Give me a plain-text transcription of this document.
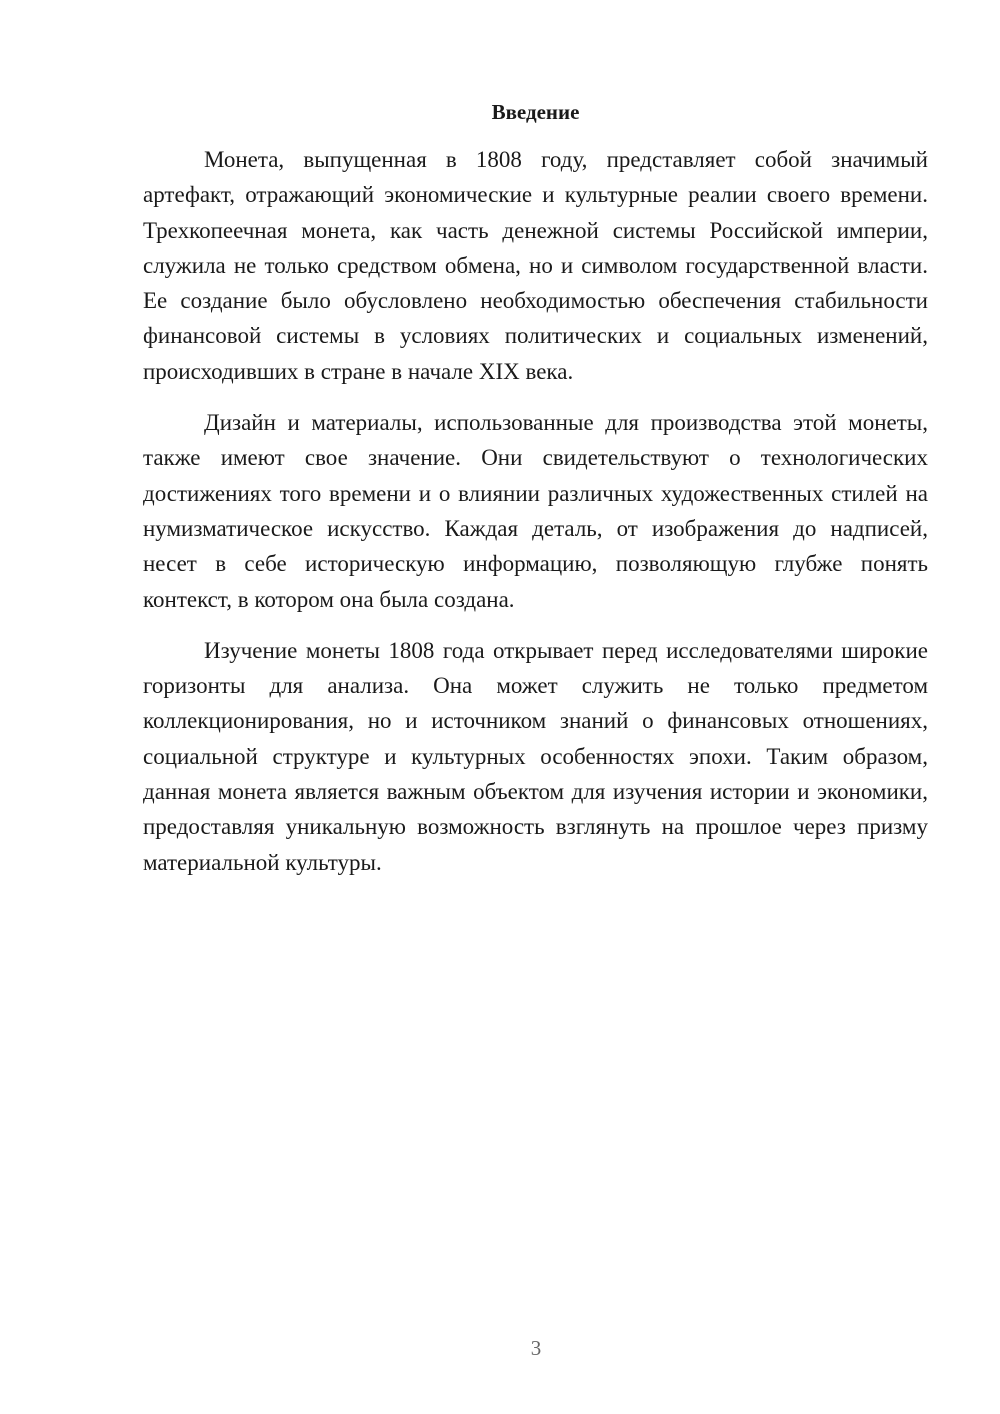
Введение

Монета, выпущенная в 1808 году, представляет собой значимый артефакт, отражающий экономические и культурные реалии своего времени. Трехкопеечная монета, как часть денежной системы Российской империи, служила не только средством обмена, но и символом государственной власти. Ее создание было обусловлено необходимостью обеспечения стабильности финансовой системы в условиях политических и социальных изменений, происходивших в стране в начале XIX века.

Дизайн и материалы, использованные для производства этой монеты, также имеют свое значение. Они свидетельствуют о технологических достижениях того времени и о влиянии различных художественных стилей на нумизматическое искусство. Каждая деталь, от изображения до надписей, несет в себе историческую информацию, позволяющую глубже понять контекст, в котором она была создана.

Изучение монеты 1808 года открывает перед исследователями широкие горизонты для анализа. Она может служить не только предметом коллекционирования, но и источником знаний о финансовых отношениях, социальной структуре и культурных особенностях эпохи. Таким образом, данная монета является важным объектом для изучения истории и экономики, предоставляя уникальную возможность взглянуть на прошлое через призму материальной культуры.

3
